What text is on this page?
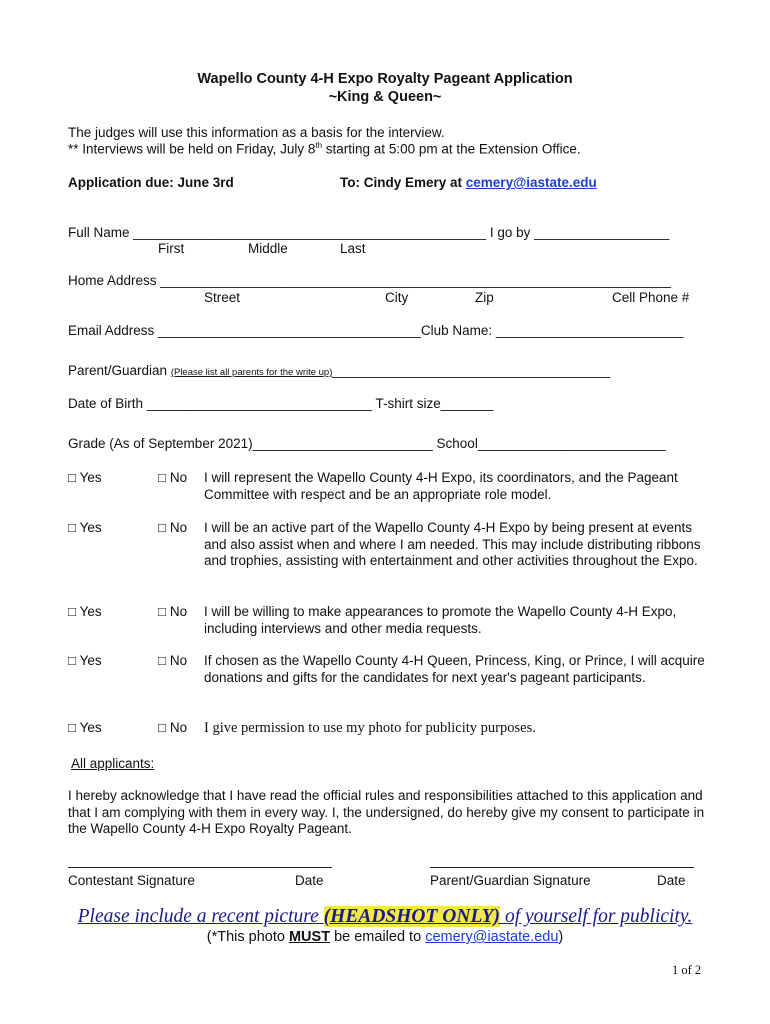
Wapello County 4-H Expo Royalty Pageant Application
~King & Queen~
The judges will use this information as a basis for the interview.
** Interviews will be held on Friday, July 8th starting at 5:00 pm at the Extension Office.
Application due: June 3rd	To: Cindy Emery at cemery@iastate.edu
Full Name _______________________________________________ I go by __________________
First	Middle	Last
Home Address ____________________________________________________________________
Street	City	Zip	Cell Phone #
Email Address ___________________________________Club Name: _________________________
Parent/Guardian (Please list all parents for the write up)_____________________________________
Date of Birth ______________________________ T-shirt size_______
Grade (As of September 2021)________________________ School_________________________
□ Yes	□ No I will represent the Wapello County 4-H Expo, its coordinators, and the Pageant Committee with respect and be an appropriate role model.
□ Yes	□ No I will be an active part of the Wapello County 4-H Expo by being present at events and also assist when and where I am needed. This may include distributing ribbons and trophies, assisting with entertainment and other activities throughout the Expo.
□ Yes	□ No I will be willing to make appearances to promote the Wapello County 4-H Expo, including interviews and other media requests.
□ Yes	□ No If chosen as the Wapello County 4-H Queen, Princess, King, or Prince, I will acquire donations and gifts for the candidates for next year's pageant participants.
□ Yes	□ No I give permission to use my photo for publicity purposes.
All applicants:
I hereby acknowledge that I have read the official rules and responsibilities attached to this application and that I am complying with them in every way. I, the undersigned, do hereby give my consent to participate in the Wapello County 4-H Expo Royalty Pageant.
Contestant Signature	Date	Parent/Guardian Signature	Date
Please include a recent picture (HEADSHOT ONLY) of yourself for publicity.
(*This photo MUST be emailed to cemery@iastate.edu)
1 of 2
